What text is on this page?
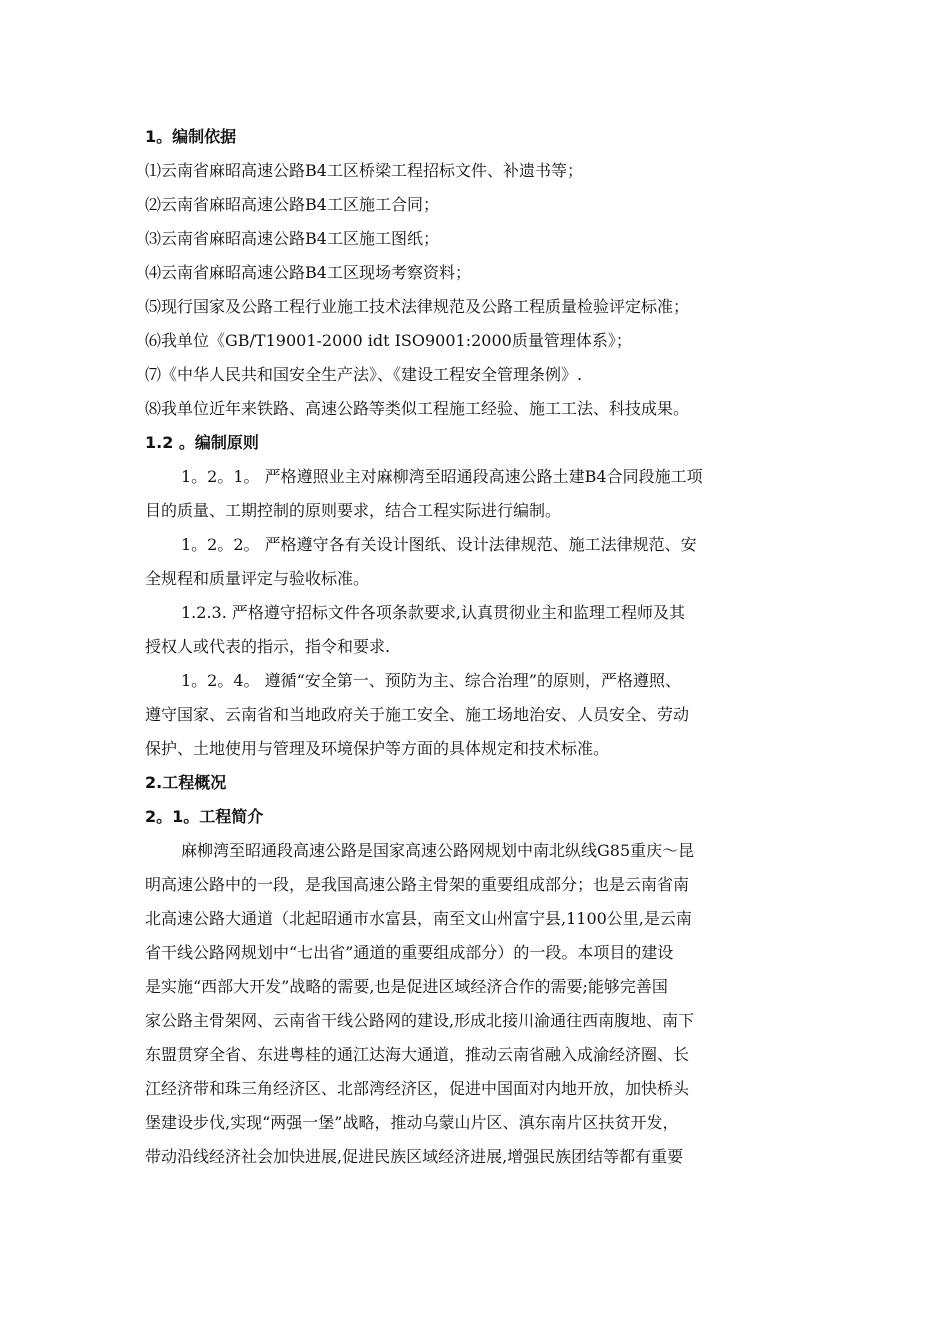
1。编制依据
⑴云南省麻昭高速公路B4工区桥梁工程招标文件、补遗书等；
⑵云南省麻昭高速公路B4工区施工合同；
⑶云南省麻昭高速公路B4工区施工图纸；
⑷云南省麻昭高速公路B4工区现场考察资料；
⑸现行国家及公路工程行业施工技术法律规范及公路工程质量检验评定标准；
⑹我单位《GB/T19001-2000 idt ISO9001:2000质量管理体系》；
⑺《中华人民共和国安全生产法》、《建设工程安全管理条例》.
⑻我单位近年来铁路、高速公路等类似工程施工经验、施工工法、科技成果。
1.2 。编制原则

1。2。1。 严格遵照业主对麻柳湾至昭通段高速公路土建B4合同段施工项
目的质量、工期控制的原则要求，结合工程实际进行编制。

1。2。2。 严格遵守各有关设计图纸、设计法律规范、施工法律规范、安
全规程和质量评定与验收标准。

1.2.3. 严格遵守招标文件各项条款要求,认真贯彻业主和监理工程师及其
授权人或代表的指示，指令和要求.

1。2。4。 遵循“安全第一、预防为主、综合治理”的原则，严格遵照、
遵守国家、云南省和当地政府关于施工安全、施工场地治安、人员安全、劳动
保护、土地使用与管理及环境保护等方面的具体规定和技术标准。

2.工程概况
2。1。工程简介

麻柳湾至昭通段高速公路是国家高速公路网规划中南北纵线G85重庆～昆
明高速公路中的一段，是我国高速公路主骨架的重要组成部分；也是云南省南
北高速公路大通道（北起昭通市水富县，南至文山州富宁县,1100公里,是云南
省干线公路网规划中“七出省”通道的重要组成部分）的一段。本项目的建设
是实施“西部大开发”战略的需要,也是促进区域经济合作的需要;能够完善国
家公路主骨架网、云南省干线公路网的建设,形成北接川渝通往西南腹地、南下
东盟贯穿全省、东进粤桂的通江达海大通道，推动云南省融入成渝经济圈、长
江经济带和珠三角经济区、北部湾经济区，促进中国面对内地开放，加快桥头
堡建设步伐,实现“两强一堡”战略，推动乌蒙山片区、滇东南片区扶贫开发，
带动沿线经济社会加快进展,促进民族区域经济进展,增强民族团结等都有重要
